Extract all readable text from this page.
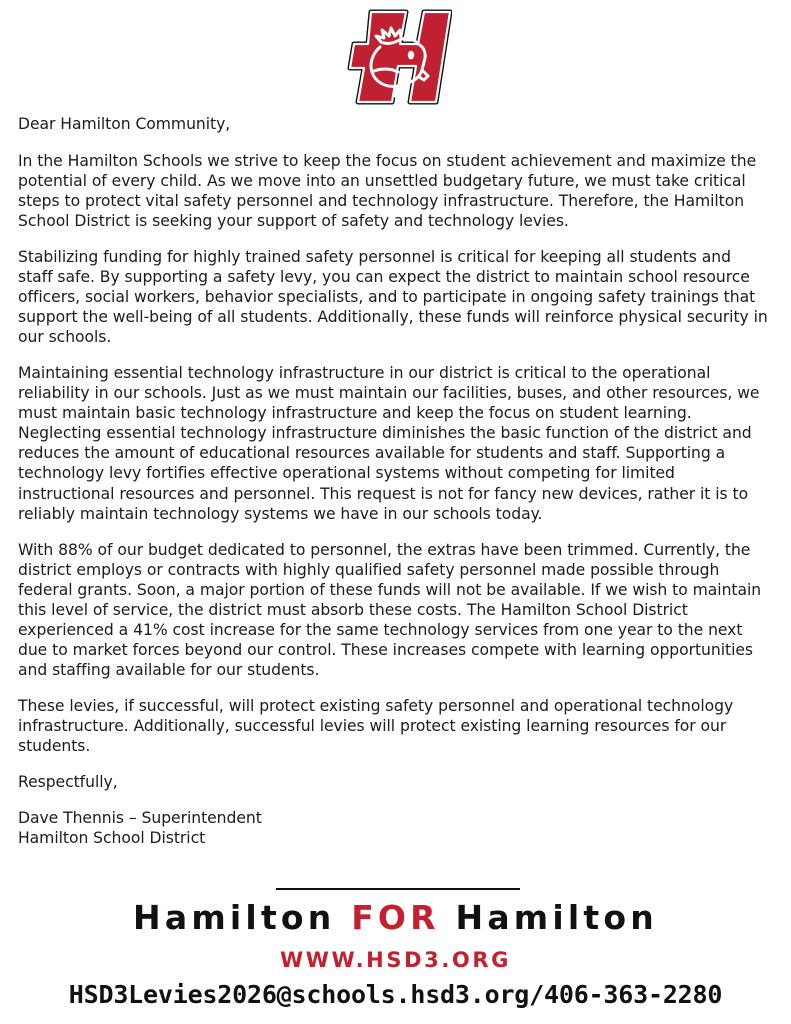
Dear Hamilton Community,

In the Hamilton Schools we strive to keep the focus on student achievement and maximize the potential of every child. As we move into an unsettled budgetary future, we must take critical steps to protect vital safety personnel and technology infrastructure. Therefore, the Hamilton School District is seeking your support of safety and technology levies.

Stabilizing funding for highly trained safety personnel is critical for keeping all students and staff safe. By supporting a safety levy, you can expect the district to maintain school resource officers, social workers, behavior specialists, and to participate in ongoing safety trainings that support the well-being of all students. Additionally, these funds will reinforce physical security in our schools.

Maintaining essential technology infrastructure in our district is critical to the operational reliability in our schools. Just as we must maintain our facilities, buses, and other resources, we must maintain basic technology infrastructure and keep the focus on student learning. Neglecting essential technology infrastructure diminishes the basic function of the district and reduces the amount of educational resources available for students and staff. Supporting a technology levy fortifies effective operational systems without competing for limited instructional resources and personnel. This request is not for fancy new devices, rather it is to reliably maintain technology systems we have in our schools today.

With 88% of our budget dedicated to personnel, the extras have been trimmed. Currently, the district employs or contracts with highly qualified safety personnel made possible through federal grants. Soon, a major portion of these funds will not be available. If we wish to maintain this level of service, the district must absorb these costs. The Hamilton School District experienced a 41% cost increase for the same technology services from one year to the next due to market forces beyond our control. These increases compete with learning opportunities and staffing available for our students.

These levies, if successful, will protect existing safety personnel and operational technology infrastructure. Additionally, successful levies will protect existing learning resources for our students.

Respectfully,

Dave Thennis – Superintendent

Hamilton School District

Hamilton FOR Hamilton
WWW.HSD3.ORG
HSD3Levies2026@schools.hsd3.org/406-363-2280
